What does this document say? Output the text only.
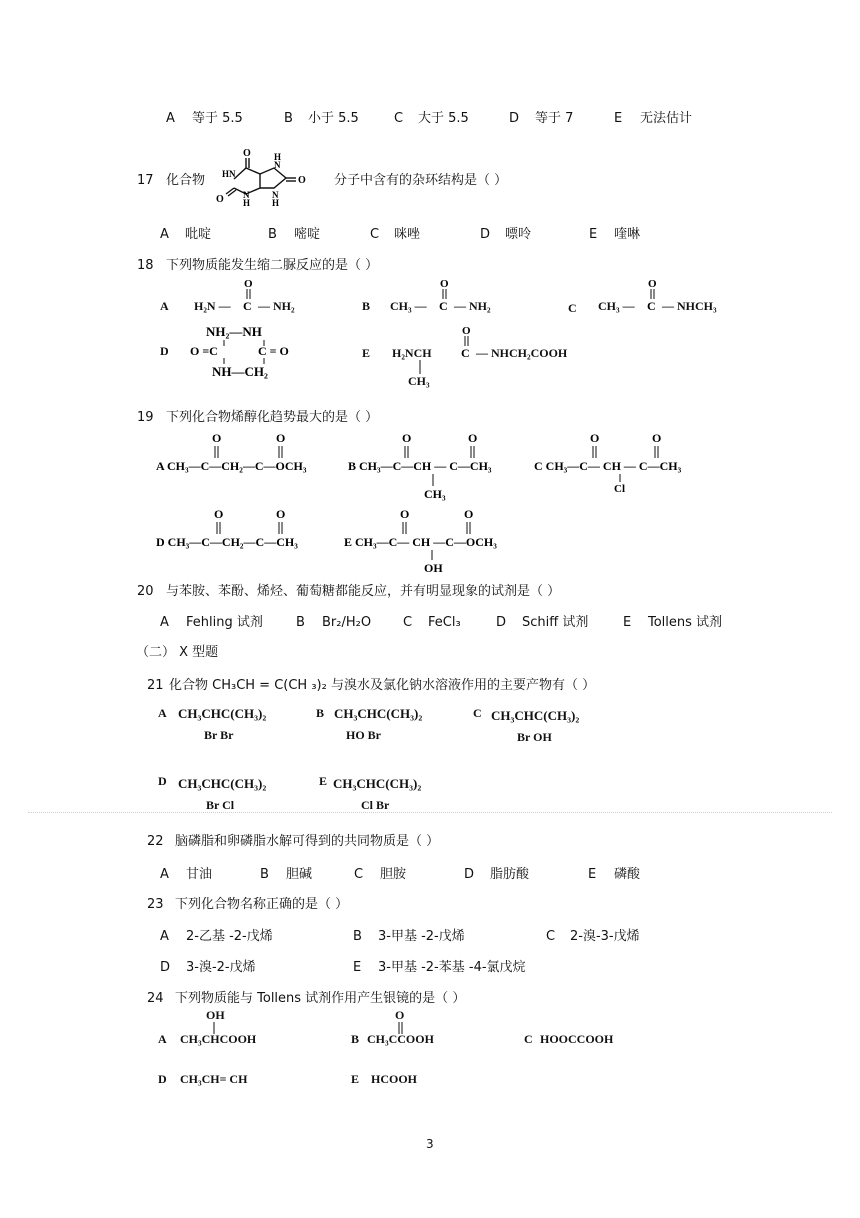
A 等于 5.5	B 小于 5.5	C 大于 5.5	D 等于 7	E 无法估计
17 化合物
O
HN
O H
N
H
N
O
N
H
分子中含有的杂环结构是（ ）
A 吡啶	B 嘧啶	C 咪唑	D 嘌呤	E 喹啉
18 下列物质能发生缩二脲反应的是（ ）
A H₂N —
O
C — NH₂	B CH₃ —
O
C — NH₂	C CH₃ —
O
C — NHCH₃
D
NH₂—NH
O =C	C = O
NH—CH₂
E H₂NCH
O
C — NHCH₂COOH
CH₃
19 下列化合物烯醇化趋势最大的是（ ）
A CH₃—C—CH₂—C—OCH₃
O	O
B CH₃—C—CH — C—CH₃
O	O
CH₃
C CH₃—C— CH — C—CH₃
O	O
Cl
D CH₃—C—CH₂—C—CH₃
O	O
E CH₃—C— CH —C—OCH₃
O	O
OH
20 与苯胺、苯酚、烯烃、葡萄糖都能反应，并有明显现象的试剂是（ ）
A Fehling 试剂	B Br₂/H₂O C FeCl₃	D Schiff 试剂	E Tollens 试剂
（二） X 型题
21 化合物 CH₃CH = C(CH ₃)₂ 与溴水及氯化钠水溶液作用的主要产物有（ ）
A CH₃CHC(CH₃)₂
Br Br
B CH₃CHC(CH₃)₂
HO Br
C CH₃CHC(CH₃)₂
Br OH
D CH₃CHC(CH₃)₂
Br Cl
E CH₃CHC(CH₃)₂
Cl Br
22 脑磷脂和卵磷脂水解可得到的共同物质是（ ）
A 甘油	B 胆碱	C 胆胺	D 脂肪酸	E 磷酸
23 下列化合物名称正确的是（ ）
A 2-乙基 -2-戊烯	B 3-甲基 -2-戊烯	C 2-溴-3-戊烯
D 3-溴-2-戊烯	E 3-甲基 -2-苯基 -4-氯戊烷
24 下列物质能与 Tollens 试剂作用产生银镜的是（ ）
OH
A CH₃CHCOOH
O
B CH₃CCOOH	C HOOCCOOH
D CH₃CH= CH	E HCOOH
3
